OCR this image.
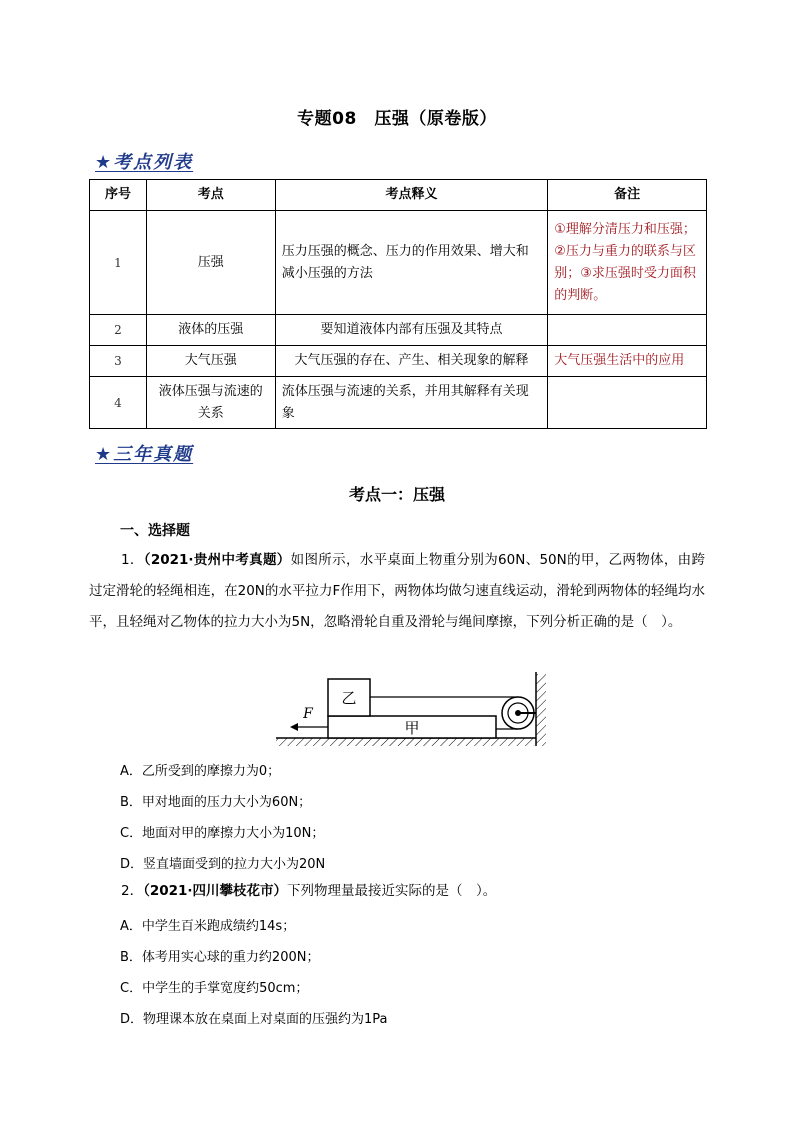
专题08　压强（原卷版）
★考点列表
序号	考点	考点释义	备注
1	压强	压力压强的概念、压力的作用效果、增大和减小压强的方法	①理解分清压力和压强；②压力与重力的联系与区别；③求压强时受力面积的判断。
2	液体的压强	要知道液体内部有压强及其特点	
3	大气压强	大气压强的存在、产生、相关现象的解释	大气压强生活中的应用
4	液体压强与流速的关系	流体压强与流速的关系，并用其解释有关现象	
★三年真题
考点一：压强
一、选择题
1．（2021·贵州中考真题）如图所示，水平桌面上物重分别为60N、50N的甲，乙两物体，由跨过定滑轮的轻绳相连，在20N的水平拉力F作用下，两物体均做匀速直线运动，滑轮到两物体的轻绳均水平，且轻绳对乙物体的拉力大小为5N，忽略滑轮自重及滑轮与绳间摩擦，下列分析正确的是（　）。
甲
乙
F
A．乙所受到的摩擦力为0；
B．甲对地面的压力大小为60N；
C．地面对甲的摩擦力大小为10N；
D．竖直墙面受到的拉力大小为20N
2．（2021·四川攀枝花市）下列物理量最接近实际的是（　）。
A．中学生百米跑成绩约14s；
B．体考用实心球的重力约200N；
C．中学生的手掌宽度约50cm；
D．物理课本放在桌面上对桌面的压强约为1Pa
